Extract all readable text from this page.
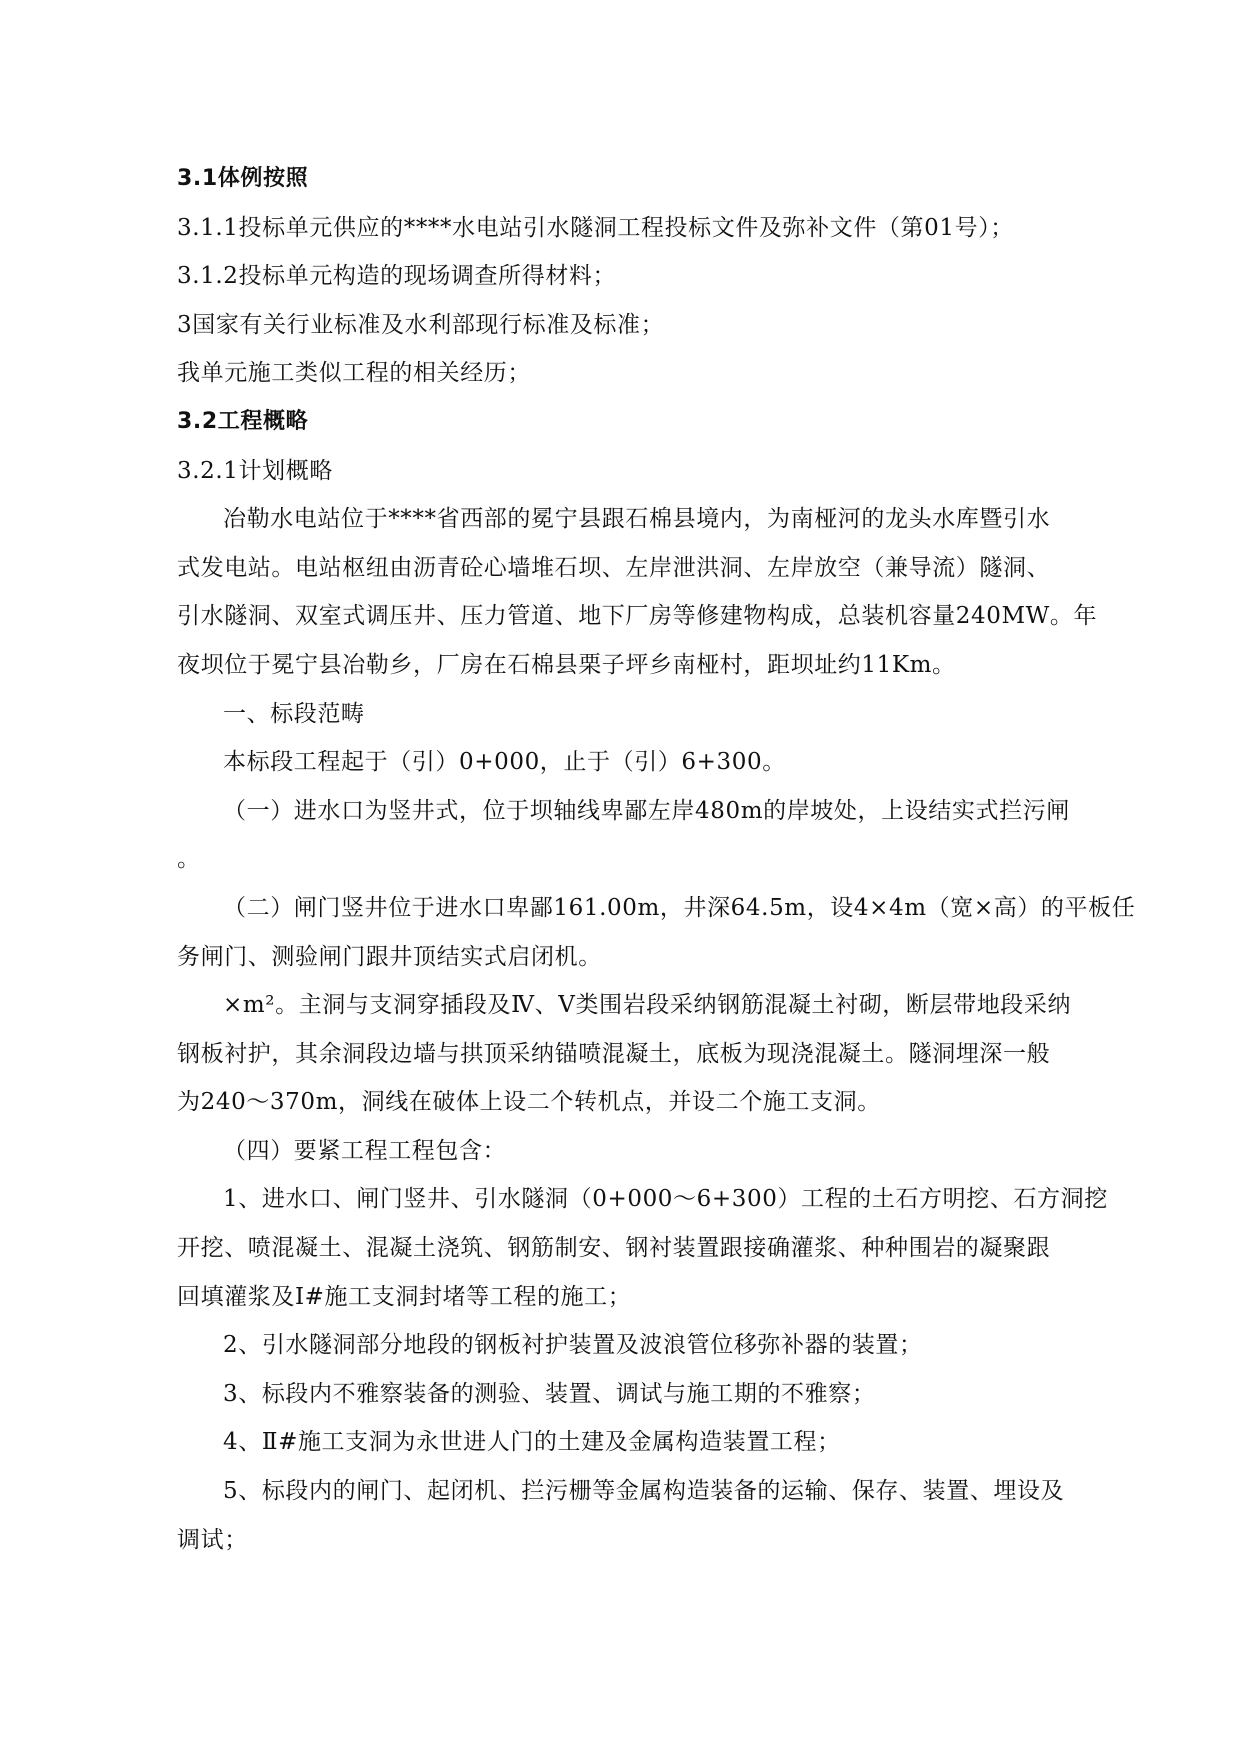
3.1体例按照

3.1.1投标单元供应的****水电站引水隧洞工程投标文件及弥补文件（第01号）；

3.1.2投标单元构造的现场调查所得材料；

3国家有关行业标准及水利部现行标准及标准；

我单元施工类似工程的相关经历；

3.2工程概略

3.2.1计划概略

冶勒水电站位于****省西部的冕宁县跟石棉县境内，为南桠河的龙头水库暨引水

式发电站。电站枢纽由沥青砼心墙堆石坝、左岸泄洪洞、左岸放空（兼导流）隧洞、

引水隧洞、双室式调压井、压力管道、地下厂房等修建物构成，总装机容量240MW。年

夜坝位于冕宁县冶勒乡，厂房在石棉县栗子坪乡南桠村，距坝址约11Km。

一、标段范畴

本标段工程起于（引）0+000，止于（引）6+300。

（一）进水口为竖井式，位于坝轴线卑鄙左岸480m的岸坡处，上设结实式拦污闸

。

（二）闸门竖井位于进水口卑鄙161.00m，井深64.5m，设4×4m（宽×高）的平板任

务闸门、测验闸门跟井顶结实式启闭机。

×m²。主洞与支洞穿插段及Ⅳ、Ⅴ类围岩段采纳钢筋混凝土衬砌，断层带地段采纳

钢板衬护，其余洞段边墙与拱顶采纳锚喷混凝土，底板为现浇混凝土。隧洞埋深一般

为240～370m，洞线在破体上设二个转机点，并设二个施工支洞。

（四）要紧工程工程包含：

1、进水口、闸门竖井、引水隧洞（0+000～6+300）工程的土石方明挖、石方洞挖

开挖、喷混凝土、混凝土浇筑、钢筋制安、钢衬装置跟接确灌浆、种种围岩的凝聚跟

回填灌浆及Ⅰ#施工支洞封堵等工程的施工；

2、引水隧洞部分地段的钢板衬护装置及波浪管位移弥补器的装置；

3、标段内不雅察装备的测验、装置、调试与施工期的不雅察；

4、Ⅱ#施工支洞为永世进人门的土建及金属构造装置工程；

5、标段内的闸门、起闭机、拦污栅等金属构造装备的运输、保存、装置、埋设及

调试；
